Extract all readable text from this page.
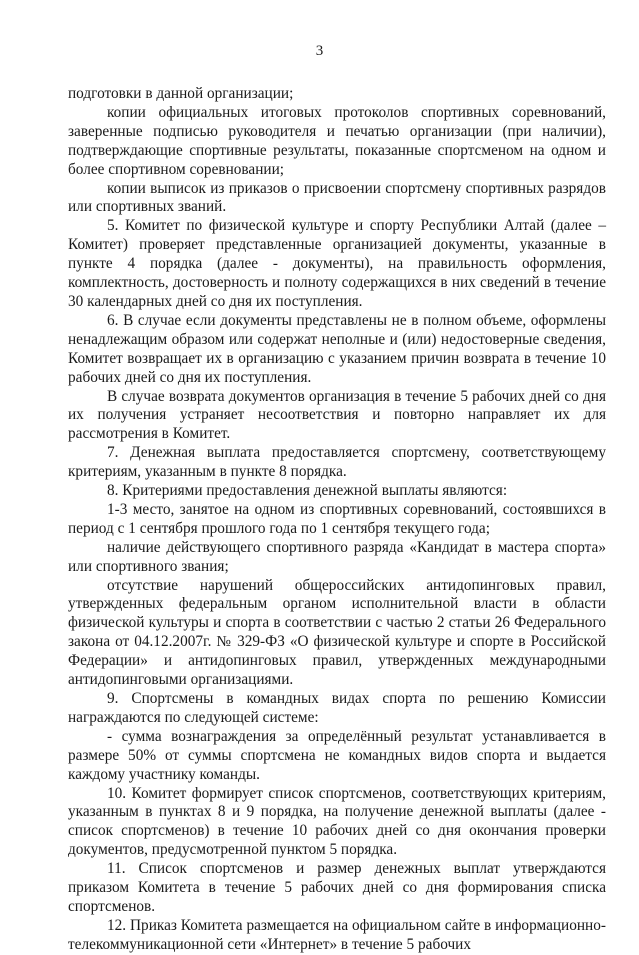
3

подготовки в данной организации;

копии официальных итоговых протоколов спортивных соревнований, заверенные подписью руководителя и печатью организации (при наличии), подтверждающие спортивные результаты, показанные спортсменом на одном и более спортивном соревновании;

копии выписок из приказов о присвоении спортсмену спортивных разрядов или спортивных званий.

5. Комитет по физической культуре и спорту Республики Алтай (далее – Комитет) проверяет представленные организацией документы, указанные в пункте 4 порядка (далее - документы), на правильность оформления, комплектность, достоверность и полноту содержащихся в них сведений в течение 30 календарных дней со дня их поступления.

6. В случае если документы представлены не в полном объеме, оформлены ненадлежащим образом или содержат неполные и (или) недостоверные сведения, Комитет возвращает их в организацию с указанием причин возврата в течение 10 рабочих дней со дня их поступления.

В случае возврата документов организация в течение 5 рабочих дней со дня их получения устраняет несоответствия и повторно направляет их для рассмотрения в Комитет.

7. Денежная выплата предоставляется спортсмену, соответствующему критериям, указанным в пункте 8 порядка.

8. Критериями предоставления денежной выплаты являются:

1-3 место, занятое на одном из спортивных соревнований, состоявшихся в период с 1 сентября прошлого года по 1 сентября текущего года;

наличие действующего спортивного разряда «Кандидат в мастера спорта» или спортивного звания;

отсутствие нарушений общероссийских антидопинговых правил, утвержденных федеральным органом исполнительной власти в области физической культуры и спорта в соответствии с частью 2 статьи 26 Федерального закона от 04.12.2007г. № 329-ФЗ «О физической культуре и спорте в Российской Федерации» и антидопинговых правил, утвержденных международными антидопинговыми организациями.

9. Спортсмены в командных видах спорта по решению Комиссии награждаются по следующей системе:

- сумма вознаграждения за определённый результат устанавливается в размере 50% от суммы спортсмена не командных видов спорта и выдается каждому участнику команды.

10. Комитет формирует список спортсменов, соответствующих критериям, указанным в пунктах 8 и 9 порядка, на получение денежной выплаты (далее - список спортсменов) в течение 10 рабочих дней со дня окончания проверки документов, предусмотренной пунктом 5 порядка.

11. Список спортсменов и размер денежных выплат утверждаются приказом Комитета в течение 5 рабочих дней со дня формирования списка спортсменов.

12. Приказ Комитета размещается на официальном сайте в информационно-телекоммуникационной сети «Интернет» в течение 5 рабочих
